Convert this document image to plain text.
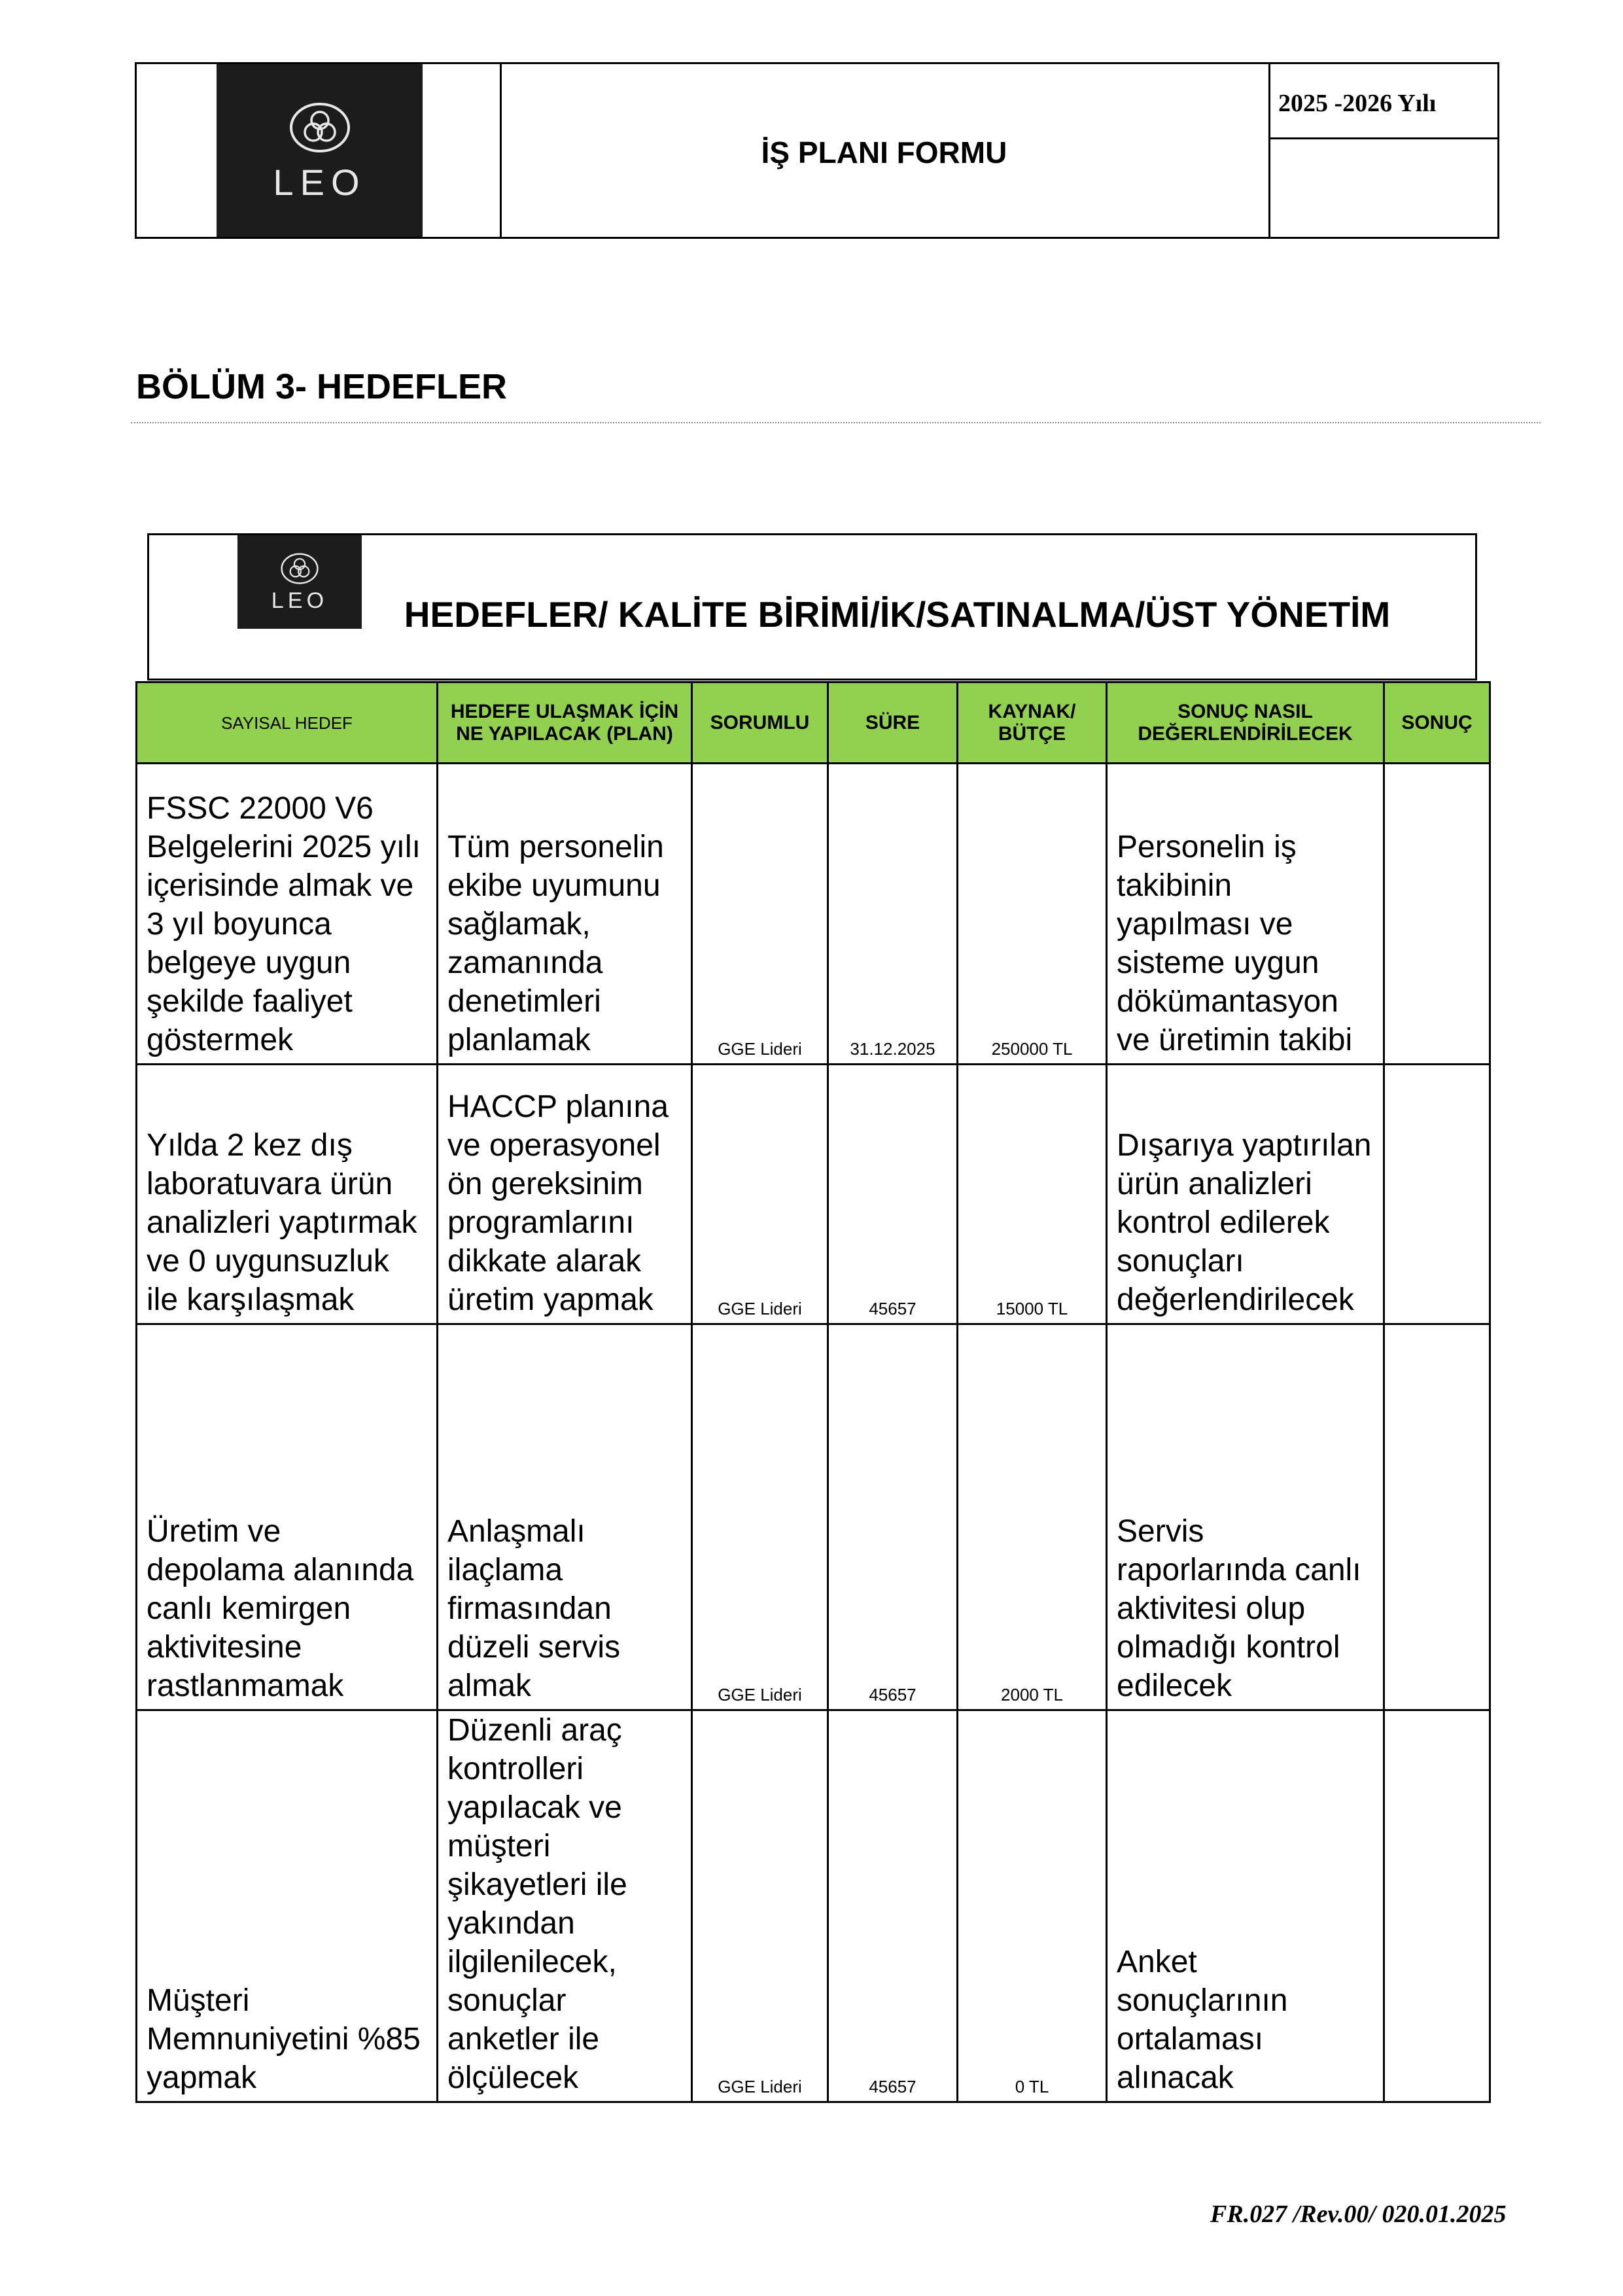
LEO
İŞ PLANI FORMU
2025 -2026 Yılı
BÖLÜM 3- HEDEFLER
LEO	HEDEFLER/ KALİTE BİRİMİ/İK/SATINALMA/ÜST YÖNETİM
SAYISAL HEDEF	HEDEFE ULAŞMAK İÇİN NE YAPILACAK (PLAN)	SORUMLU	SÜRE	KAYNAK/ BÜTÇE	SONUÇ NASIL DEĞERLENDİRİLECEK	SONUÇ
FSSC 22000 V6 Belgelerini 2025 yılı içerisinde almak ve 3 yıl boyunca belgeye uygun şekilde faaliyet göstermek	Tüm personelin ekibe uyumunu sağlamak, zamanında denetimleri planlamak	GGE Lideri	31.12.2025	250000 TL	Personelin iş takibinin yapılması ve sisteme uygun dökümantasyon ve üretimin takibi	
Yılda 2 kez dış laboratuvara ürün analizleri yaptırmak ve 0 uygunsuzluk ile karşılaşmak	HACCP planına ve operasyonel ön gereksinim programlarını dikkate alarak üretim yapmak	GGE Lideri	45657	15000 TL	Dışarıya yaptırılan ürün analizleri kontrol edilerek sonuçları değerlendirilecek	
Üretim ve depolama alanında canlı kemirgen aktivitesine rastlanmamak	Anlaşmalı ilaçlama firmasından düzeli servis almak	GGE Lideri	45657	2000 TL	Servis raporlarında canlı aktivitesi olup olmadığı kontrol edilecek	
Müşteri Memnuniyetini %85 yapmak	Düzenli araç kontrolleri yapılacak ve müşteri şikayetleri ile yakından ilgilenilecek, sonuçlar anketler ile ölçülecek	GGE Lideri	45657	0 TL	Anket sonuçlarının ortalaması alınacak	
FR.027 /Rev.00/ 020.01.2025
